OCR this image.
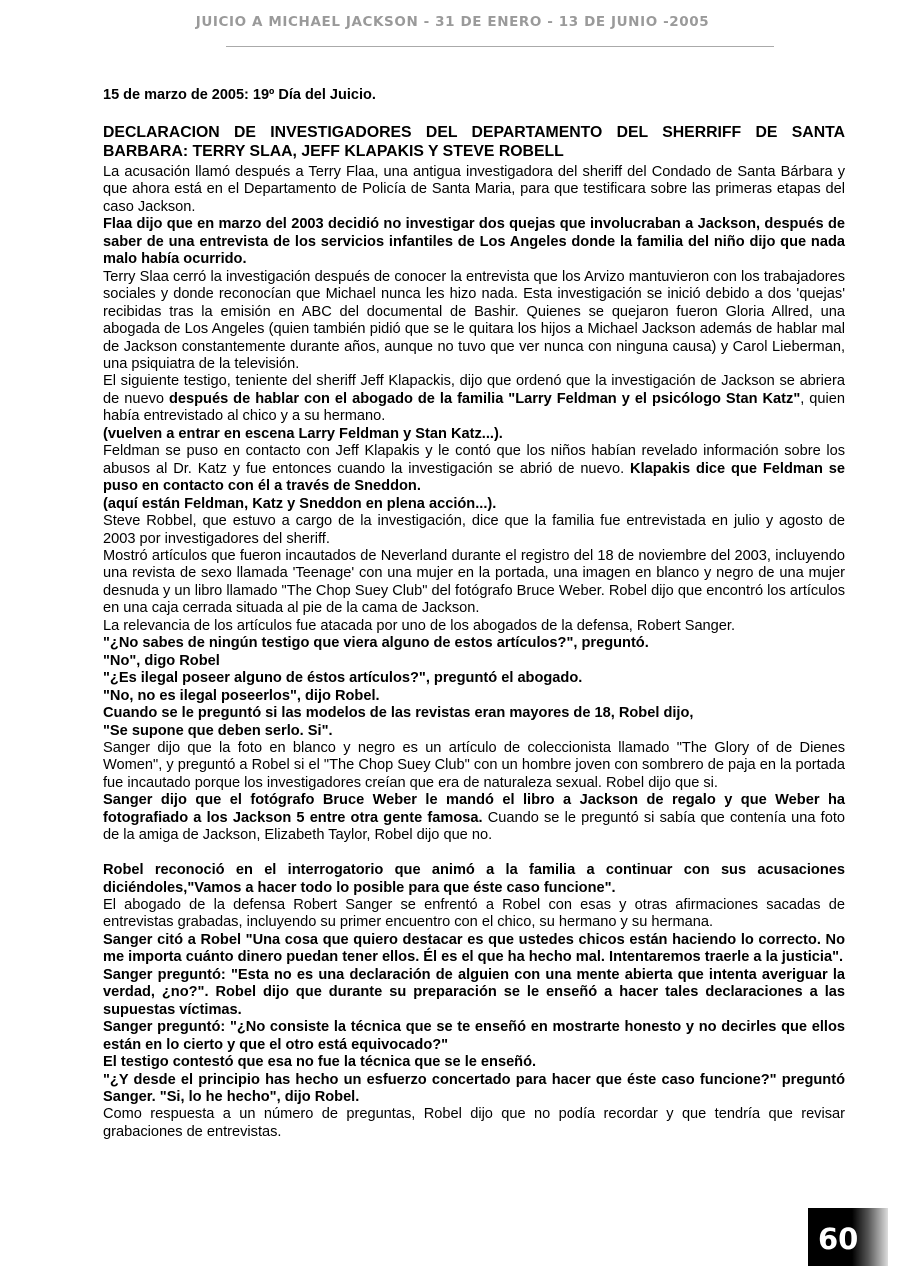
JUICIO A MICHAEL JACKSON - 31 DE ENERO - 13 DE JUNIO -2005
15 de marzo de 2005: 19º Día del Juicio.
DECLARACION DE INVESTIGADORES DEL DEPARTAMENTO DEL SHERRIFF DE SANTA BARBARA: TERRY SLAA, JEFF KLAPAKIS Y STEVE ROBELL

La acusación llamó después a Terry Flaa, una antigua investigadora del sheriff del Condado de Santa Bárbara y que ahora está en el Departamento de Policía de Santa Maria, para que testificara sobre las primeras etapas del caso Jackson.

Flaa dijo que en marzo del 2003 decidió no investigar dos quejas que involucraban a Jackson, después de saber de una entrevista de los servicios infantiles de Los Angeles donde la familia del niño dijo que nada malo había ocurrido.

Terry Slaa cerró la investigación después de conocer la entrevista que los Arvizo mantuvieron con los trabajadores sociales y donde reconocían que Michael nunca les hizo nada. Esta investigación se inició debido a dos 'quejas' recibidas tras la emisión en ABC del documental de Bashir. Quienes se quejaron fueron Gloria Allred, una abogada de Los Angeles (quien también pidió que se le quitara los hijos a Michael Jackson además de hablar mal de Jackson constantemente durante años, aunque no tuvo que ver nunca con ninguna causa) y Carol Lieberman, una psiquiatra de la televisión.

El siguiente testigo, teniente del sheriff Jeff Klapackis, dijo que ordenó que la investigación de Jackson se abriera de nuevo después de hablar con el abogado de la familia "Larry Feldman y el psicólogo Stan Katz", quien había entrevistado al chico y a su hermano.

(vuelven a entrar en escena Larry Feldman y Stan Katz...).

Feldman se puso en contacto con Jeff Klapakis y le contó que los niños habían revelado información sobre los abusos al Dr. Katz y fue entonces cuando la investigación se abrió de nuevo. Klapakis dice que Feldman se puso en contacto con él a través de Sneddon.

(aquí están Feldman, Katz y Sneddon en plena acción...).

Steve Robbel, que estuvo a cargo de la investigación, dice que la familia fue entrevistada en julio y agosto de 2003 por investigadores del sheriff.

Mostró artículos que fueron incautados de Neverland durante el registro del 18 de noviembre del 2003, incluyendo una revista de sexo llamada 'Teenage' con una mujer en la portada, una imagen en blanco y negro de una mujer desnuda y un libro llamado "The Chop Suey Club" del fotógrafo Bruce Weber. Robel dijo que encontró los artículos en una caja cerrada situada al pie de la cama de Jackson.

La relevancia de los artículos fue atacada por uno de los abogados de la defensa, Robert Sanger.

"¿No sabes de ningún testigo que viera alguno de estos artículos?", preguntó.

"No", digo Robel

"¿Es ilegal poseer alguno de éstos artículos?", preguntó el abogado.

"No, no es ilegal poseerlos", dijo Robel.

Cuando se le preguntó si las modelos de las revistas eran mayores de 18, Robel dijo,

"Se supone que deben serlo. Si".

Sanger dijo que la foto en blanco y negro es un artículo de coleccionista llamado "The Glory of de Dienes Women", y preguntó a Robel si el "The Chop Suey Club" con un hombre joven con sombrero de paja en la portada fue incautado porque los investigadores creían que era de naturaleza sexual. Robel dijo que si.

Sanger dijo que el fotógrafo Bruce Weber le mandó el libro a Jackson de regalo y que Weber ha fotografiado a los Jackson 5 entre otra gente famosa. Cuando se le preguntó si sabía que contenía una foto de la amiga de Jackson, Elizabeth Taylor, Robel dijo que no.

Robel reconoció en el interrogatorio que animó a la familia a continuar con sus acusaciones diciéndoles,"Vamos a hacer todo lo posible para que éste caso funcione".

El abogado de la defensa Robert Sanger se enfrentó a Robel con esas y otras afirmaciones sacadas de entrevistas grabadas, incluyendo su primer encuentro con el chico, su hermano y su hermana.

Sanger citó a Robel "Una cosa que quiero destacar es que ustedes chicos están haciendo lo correcto. No me importa cuánto dinero puedan tener ellos. Él es el que ha hecho mal. Intentaremos traerle a la justicia".

Sanger preguntó: "Esta no es una declaración de alguien con una mente abierta que intenta averiguar la verdad, ¿no?". Robel dijo que durante su preparación se le enseñó a hacer tales declaraciones a las supuestas víctimas.

Sanger preguntó: "¿No consiste la técnica que se te enseñó en mostrarte honesto y no decirles que ellos están en lo cierto y que el otro está equivocado?"

El testigo contestó que esa no fue la técnica que se le enseñó.

"¿Y desde el principio has hecho un esfuerzo concertado para hacer que éste caso funcione?" preguntó Sanger. "Si, lo he hecho", dijo Robel.

Como respuesta a un número de preguntas, Robel dijo que no podía recordar y que tendría que revisar grabaciones de entrevistas.

60
